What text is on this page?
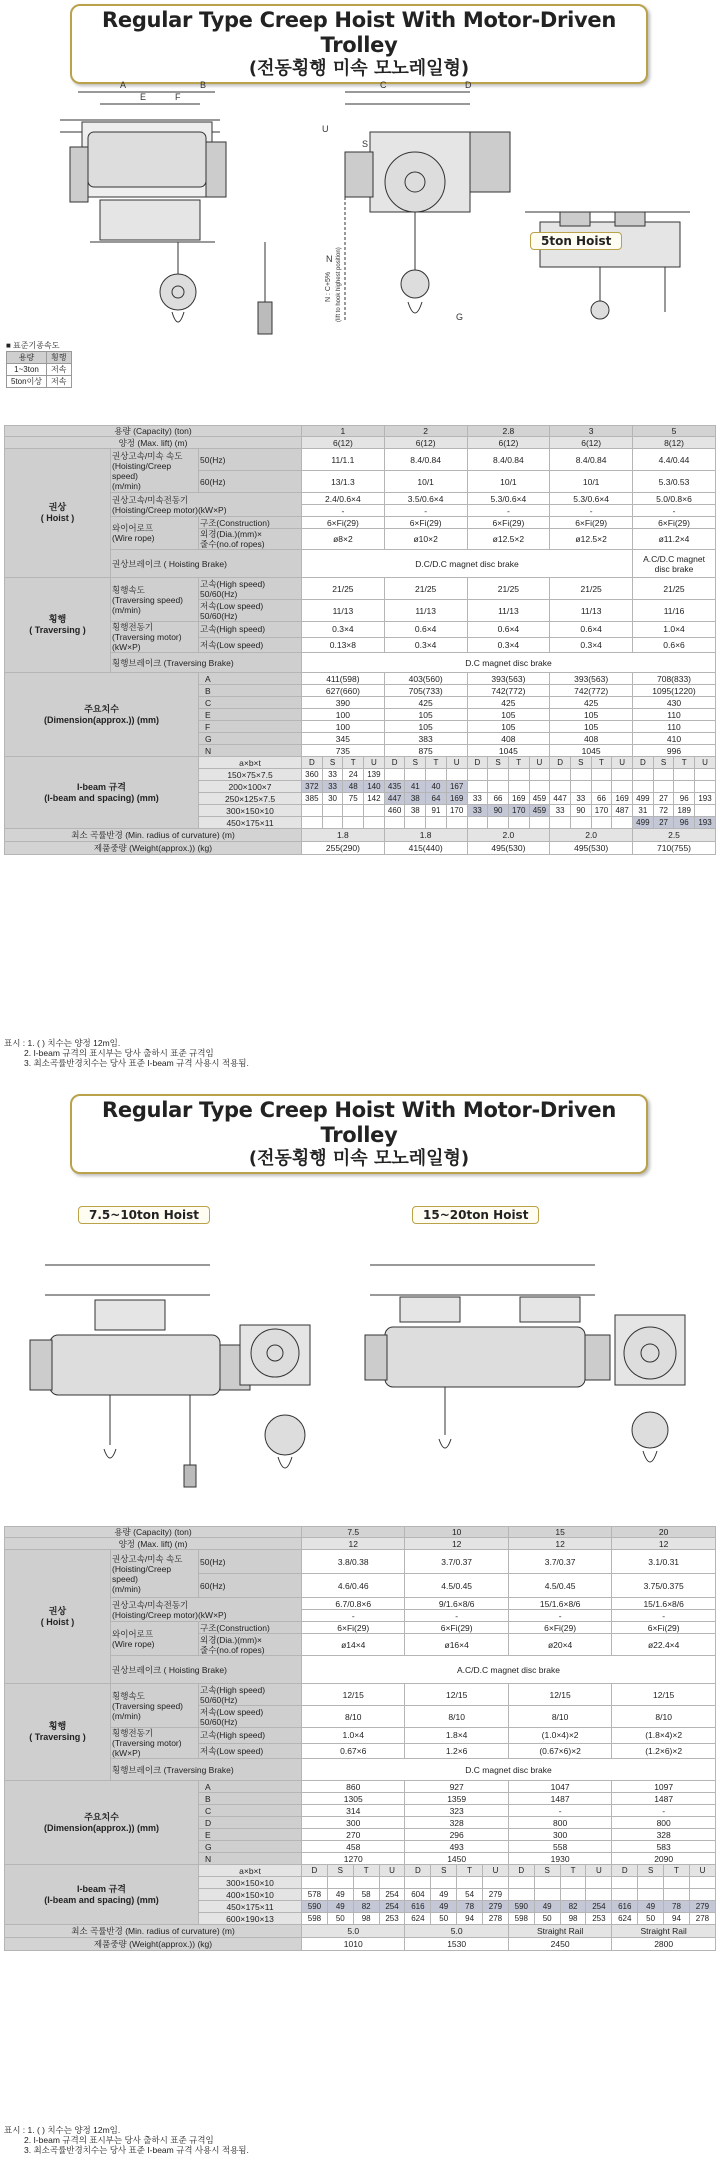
Regular Type Creep Hoist With Motor-Driven Trolley
(전동횡행 미속 모노레일형)
A	B
E	F
C	D
S
U
G
N
N : C+5% (lift to hook highest position)
5ton Hoist
■ 표준기종속도
용량	횡행
1~3ton	저속
5ton이상	저속
용량 (Capacity) (ton)			1				2				2.8				3				5			
양정 (Max. lift) (m)			6(12)				6(12)				6(12)				6(12)				8(12)			
권상
( Hoist )	권상고속/미속 속도
(Hoisting/Creep speed)
(m/min)	50(Hz)	11/1.1				8.4/0.84				8.4/0.84				8.4/0.84				4.4/0.44			
		60(Hz)	13/1.3				10/1				10/1				10/1				5.3/0.53			
	권상고속/미속전동기
(Hoisting/Creep motor)(kW×P)		2.4/0.6×4				3.5/0.6×4				5.3/0.6×4				5.3/0.6×4				5.0/0.8×6			
			-				-				-				-				-			
	와이어로프
(Wire rope)	구조(Construction)	6×Fi(29)				6×Fi(29)				6×Fi(29)				6×Fi(29)				6×Fi(29)			
		외경(Dia.)(mm)×
줄수(no.of ropes)	ø8×2				ø10×2				ø12.5×2				ø12.5×2				ø11.2×4			
	권상브레이크 ( Hoisting Brake)		D.C/D.C magnet disc brake																A.C/D.C magnet
disc brake			

횡행
( Traversing )	횡행속도
(Traversing speed)
(m/min)	고속(High speed)
50/60(Hz)	21/25				21/25				21/25				21/25				21/25			
		저속(Low speed)
50/60(Hz)	11/13				11/13				11/13				11/13				11/16			
	횡행전동기
(Traversing motor)(kW×P)	고속(High speed)	0.3×4				0.6×4				0.6×4				0.6×4				1.0×4			
		저속(Low speed)	0.13×8				0.3×4				0.3×4				0.3×4				0.6×6			
	횡행브레이크 (Traversing Brake)		D.C magnet disc brake																			
주요치수
(Dimension(approx.)) (mm)		A	411(598)				403(560)				393(563)				393(563)				708(833)			
		B	627(660)				705(733)				742(772)				742(772)				1095(1220)			
		C	390				425				425				425				430			
		E	100				105				105				105				110			
		F	100				105				105				105				110			
		G	345				383				408				408				410			
		N	735				875				1045				1045				996			
I-beam 규격
(I-beam and spacing) (mm)		a×b×t	D	S	T	U	D	S	T	U	D	S	T	U	D	S	T	U	D	S	T	U
		150×75×7.5	360	33	24	139																
		200×100×7	372	33	48	140	435	41	40	167												
		250×125×7.5	385	30	75	142	447	38	64	169	33	66	169	459	447	33	66	169	499	27	96	193
		300×150×10					460	38	91	170	33	90	170	459	33	90	170	487	31	72	189	
		450×175×11																	499	27	96	193
최소 곡률반경 (Min. radius of curvature) (m)			1.8				1.8				2.0				2.0				2.5			
제품중량 (Weight(approx.)) (kg)			255(290)				415(440)				495(530)				495(530)				710(755)			
표시 : 1. ( ) 치수는 양정 12m임.
2. I-beam 규격의 표시부는 당사 출하시 표준 규격임
3. 최소곡률반경치수는 당사 표준 I-beam 규격 사용시 적용됨.
Regular Type Creep Hoist With Motor-Driven Trolley
(전동횡행 미속 모노레일형)
7.5~10ton Hoist	15~20ton Hoist
용량 (Capacity) (ton)			7.5				10				15				20			
양정 (Max. lift) (m)			12				12				12				12			
권상
( Hoist )	권상고속/미속 속도
(Hoisting/Creep speed)
(m/min)	50(Hz)	3.8/0.38				3.7/0.37				3.7/0.37				3.1/0.31			
		60(Hz)	4.6/0.46				4.5/0.45				4.5/0.45				3.75/0.375			
	권상고속/미속전동기
(Hoisting/Creep motor)(kW×P)		6.7/0.8×6				9/1.6×8/6				15/1.6×8/6				15/1.6×8/6			
			-				-				-				-			
	와이어로프
(Wire rope)	구조(Construction)	6×Fi(29)				6×Fi(29)				6×Fi(29)				6×Fi(29)			
		외경(Dia.)(mm)×
줄수(no.of ropes)	ø14×4				ø16×4				ø20×4				ø22.4×4			
	권상브레이크 ( Hoisting Brake)		A.C/D.C magnet disc brake															

횡행
( Traversing )	횡행속도
(Traversing speed)
(m/min)	고속(High speed)
50/60(Hz)	12/15				12/15				12/15				12/15			
		저속(Low speed)
50/60(Hz)	8/10				8/10				8/10				8/10			
	횡행전동기
(Traversing motor)(kW×P)	고속(High speed)	1.0×4				1.8×4				(1.0×4)×2				(1.8×4)×2			
		저속(Low speed)	0.67×6				1.2×6				(0.67×6)×2				(1.2×6)×2			
	횡행브레이크 (Traversing Brake)		D.C magnet disc brake															
주요치수
(Dimension(approx.)) (mm)		A	860				927				1047				1097			
		B	1305				1359				1487				1487			
		C	314				323				-				-			
		D	300				328				800				800			
		E	270				296				300				328			
		G	458				493				558				583			
		N	1270				1450				1930				2090			
I-beam 규격
(I-beam and spacing) (mm)		a×b×t	D	S	T	U	D	S	T	U	D	S	T	U	D	S	T	U
		300×150×10																
		400×150×10	578	49	58	254	604	49	54	279								
		450×175×11	590	49	82	254	616	49	78	279	590	49	82	254	616	49	78	279
		600×190×13	598	50	98	253	624	50	94	278	598	50	98	253	624	50	94	278
최소 곡률반경 (Min. radius of curvature) (m)			5.0				5.0				Straight Rail				Straight Rail			
제품중량 (Weight(approx.)) (kg)			1010				1530				2450				2800			
표시 : 1. ( ) 치수는 양정 12m임.
2. I-beam 규격의 표시부는 당사 출하시 표준 규격임
3. 최소곡률반경치수는 당사 표준 I-beam 규격 사용시 적용됨.
